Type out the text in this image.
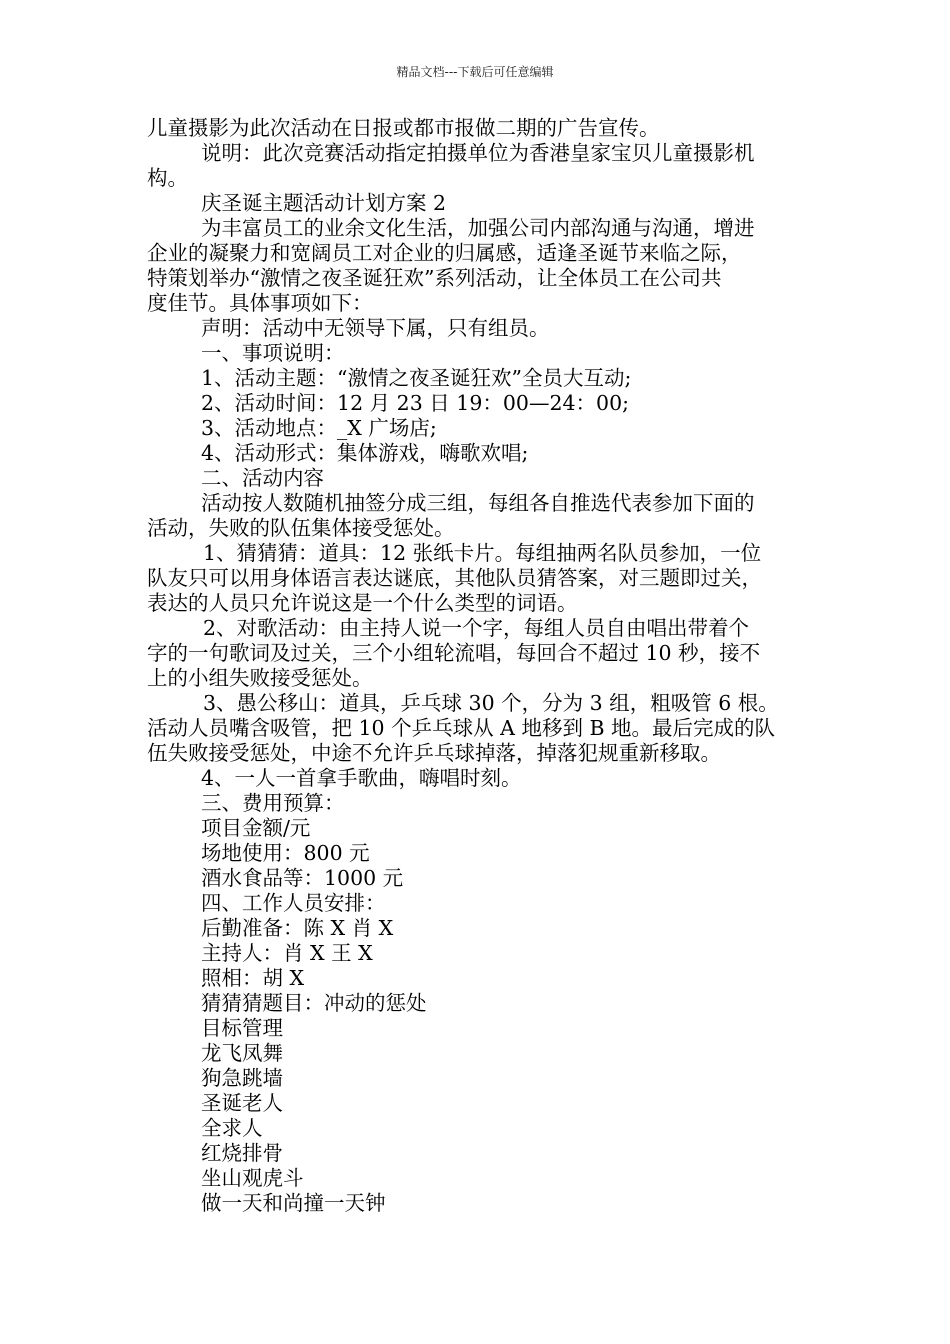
精品文档---下载后可任意编辑

儿童摄影为此次活动在日报或都市报做二期的广告宣传。

说明：此次竞赛活动指定拍摄单位为香港皇家宝贝儿童摄影机

构。

庆圣诞主题活动计划方案 2

为丰富员工的业余文化生活，加强公司内部沟通与沟通，增进

企业的凝聚力和宽阔员工对企业的归属感，适逢圣诞节来临之际，

特策划举办“激情之夜圣诞狂欢”系列活动，让全体员工在公司共

度佳节。具体事项如下：

声明：活动中无领导下属，只有组员。

一、事项说明：

1、活动主题：“激情之夜圣诞狂欢”全员大互动;

2、活动时间：12 月 23 日 19：00—24：00;

3、活动地点：_X 广场店;

4、活动形式：集体游戏，嗨歌欢唱;

二、活动内容

活动按人数随机抽签分成三组，每组各自推选代表参加下面的

活动，失败的队伍集体接受惩处。

1、猜猜猜：道具：12 张纸卡片。每组抽两名队员参加，一位

队友只可以用身体语言表达谜底，其他队员猜答案，对三题即过关，

表达的人员只允许说这是一个什么类型的词语。

2、对歌活动：由主持人说一个字，每组人员自由唱出带着个

字的一句歌词及过关，三个小组轮流唱，每回合不超过 10 秒，接不

上的小组失败接受惩处。

3、愚公移山：道具，乒乓球 30 个，分为 3 组，粗吸管 6 根。

活动人员嘴含吸管，把 10 个乒乓球从 A 地移到 B 地。最后完成的队

伍失败接受惩处，中途不允许乒乓球掉落，掉落犯规重新移取。

4、一人一首拿手歌曲，嗨唱时刻。

三、费用预算：

项目金额/元

场地使用：800 元

酒水食品等：1000 元

四、工作人员安排：

后勤准备：陈 X 肖 X

主持人：肖 X 王 X

照相：胡 X

猜猜猜题目：冲动的惩处

目标管理

龙飞凤舞

狗急跳墙

圣诞老人

全求人

红烧排骨

坐山观虎斗

做一天和尚撞一天钟
